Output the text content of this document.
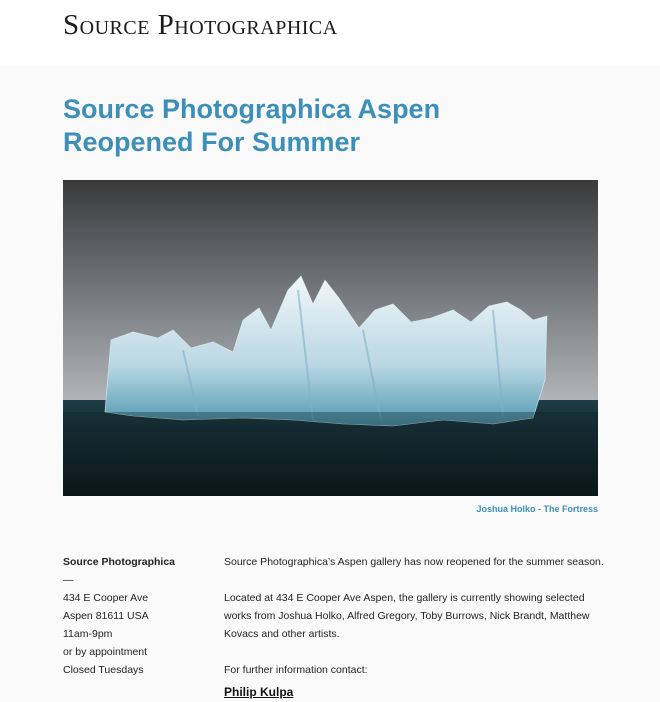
Source Photographica
Source Photographica Aspen Reopened For Summer
Joshua Holko - The Fortress
Source Photographica
—
434 E Cooper Ave
Aspen 81611 USA
11am-9pm
or by appointment
Closed Tuesdays

Source Photographica’s Aspen gallery has now reopened for the summer season.

Located at 434 E Cooper Ave Aspen, the gallery is currently showing selected works from Joshua Holko, Alfred Gregory, Toby Burrows, Nick Brandt, Matthew Kovacs and other artists.

For further information contact:

Philip Kulpa
